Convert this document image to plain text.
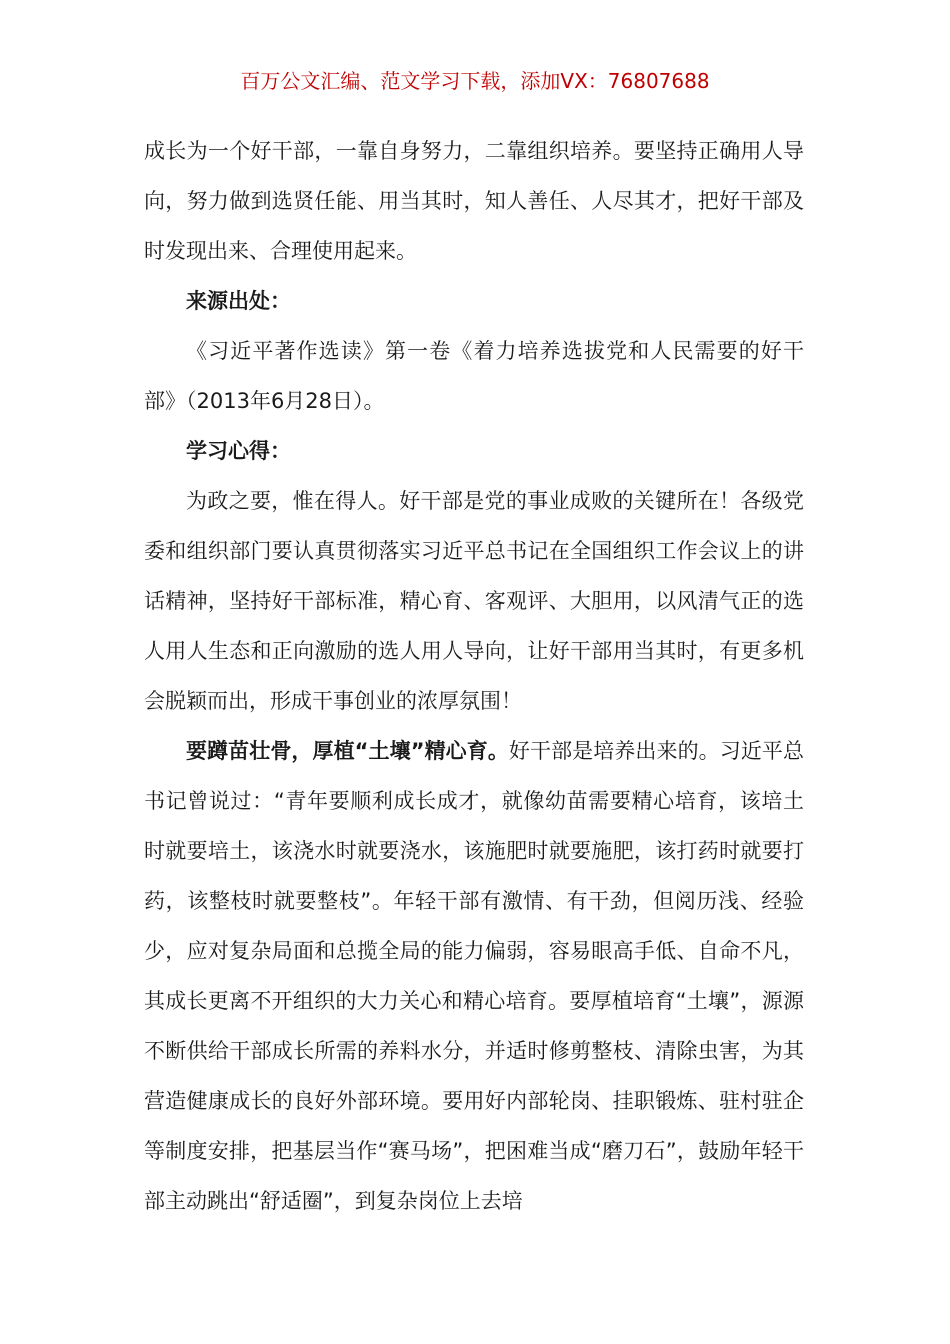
百万公文汇编、范文学习下载，添加VX：76807688

成长为一个好干部，一靠自身努力，二靠组织培养。要坚持正确用人导向，努力做到选贤任能、用当其时，知人善任、人尽其才，把好干部及时发现出来、合理使用起来。

来源出处：

《习近平著作选读》第一卷《着力培养选拔党和人民需要的好干部》（2013年6月28日）。

学习心得：

为政之要，惟在得人。好干部是党的事业成败的关键所在！各级党委和组织部门要认真贯彻落实习近平总书记在全国组织工作会议上的讲话精神，坚持好干部标准，精心育、客观评、大胆用，以风清气正的选人用人生态和正向激励的选人用人导向，让好干部用当其时，有更多机会脱颖而出，形成干事创业的浓厚氛围！

要蹲苗壮骨，厚植“土壤”精心育。好干部是培养出来的。习近平总书记曾说过：“青年要顺利成长成才，就像幼苗需要精心培育，该培土时就要培土，该浇水时就要浇水，该施肥时就要施肥，该打药时就要打药，该整枝时就要整枝”。年轻干部有激情、有干劲，但阅历浅、经验少，应对复杂局面和总揽全局的能力偏弱，容易眼高手低、自命不凡，其成长更离不开组织的大力关心和精心培育。要厚植培育“土壤”，源源不断供给干部成长所需的养料水分，并适时修剪整枝、清除虫害，为其营造健康成长的良好外部环境。要用好内部轮岗、挂职锻炼、驻村驻企等制度安排，把基层当作“赛马场”，把困难当成“磨刀石”，鼓励年轻干部主动跳出“舒适圈”，到复杂岗位上去培
